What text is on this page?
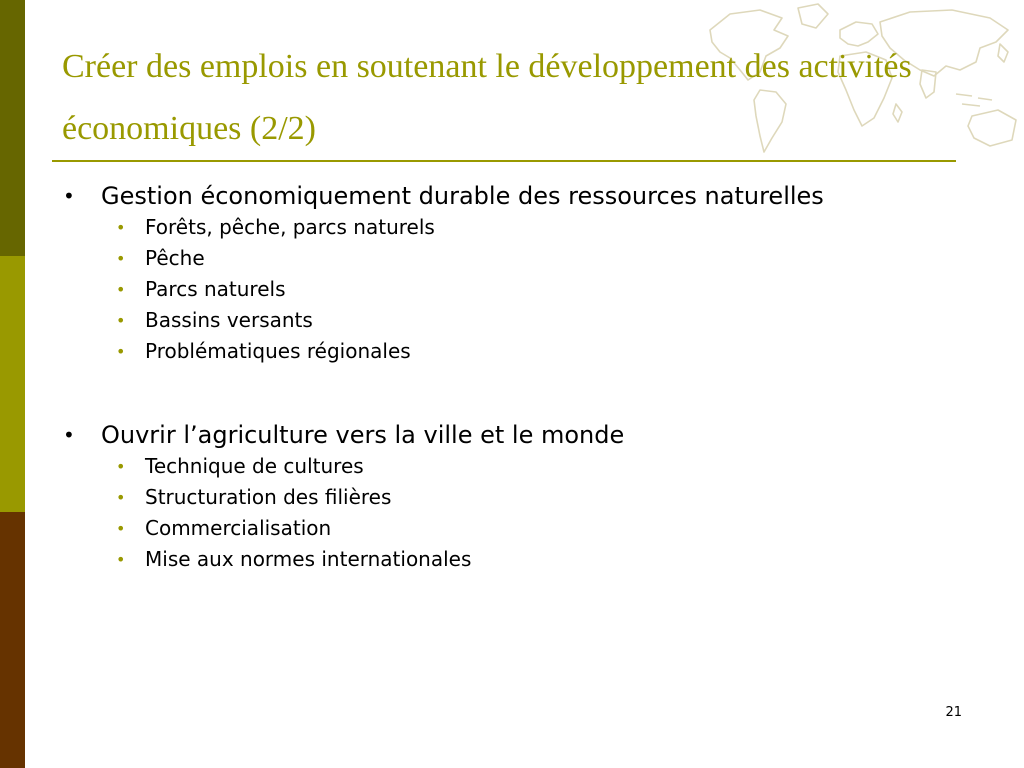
Créer des emplois en soutenant le développement des activités économiques (2/2)
• Gestion économiquement durable des ressources naturelles
• Forêts, pêche, parcs naturels
• Pêche
• Parcs naturels
• Bassins versants
• Problématiques régionales
• Ouvrir l’agriculture vers la ville et le monde
• Technique de cultures
• Structuration des filières
• Commercialisation
• Mise aux normes internationales
21
